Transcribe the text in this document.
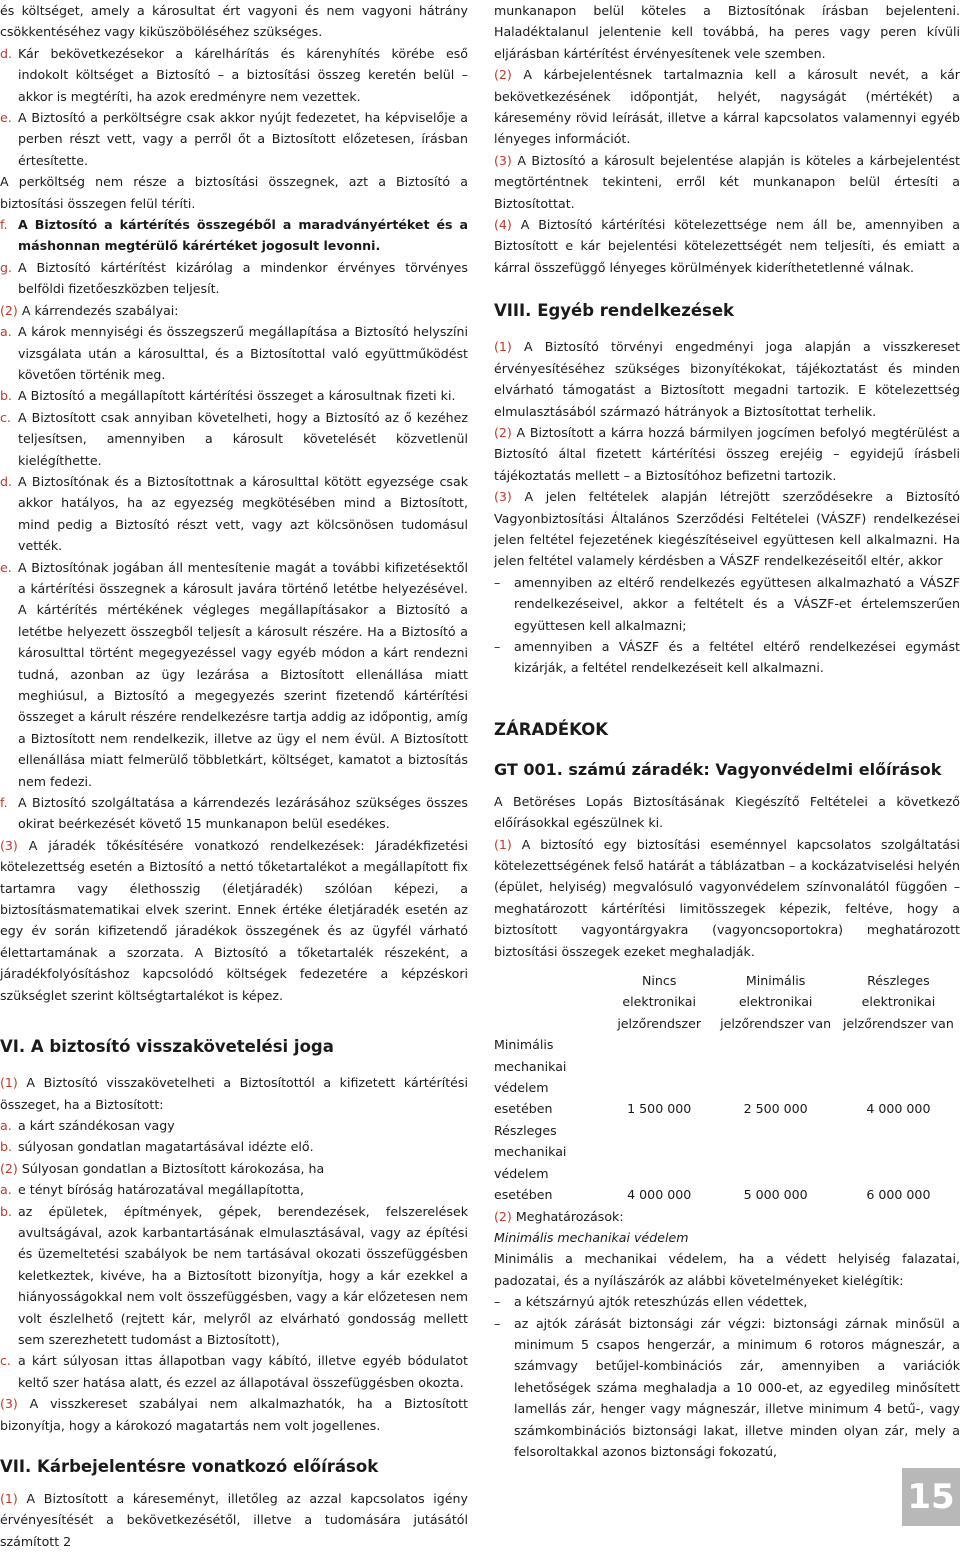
és költséget, amely a károsultat ért vagyoni és nem vagyoni hátrány csökkentéséhez vagy kiküszöböléséhez szükséges.

d. Kár bekövetkezésekor a kárelhárítás és kárenyhítés körébe eső indokolt költséget a Biztosító – a biztosítási összeg keretén belül – akkor is megtéríti, ha azok eredményre nem vezettek.
e. A Biztosító a perköltségre csak akkor nyújt fedezetet, ha képviselője a perben részt vett, vagy a perről őt a Biztosított előzetesen, írásban értesítette.

A perköltség nem része a biztosítási összegnek, azt a Biztosító a biztosítási összegen felül téríti.

f. A Biztosító a kártérítés összegéből a maradványértéket és a máshonnan megtérülő kárértéket jogosult levonni.
g. A Biztosító kártérítést kizárólag a mindenkor érvényes törvényes belföldi fizetőeszközben teljesít.

(2) A kárrendezés szabályai:

a. A károk mennyiségi és összegszerű megállapítása a Biztosító helyszíni vizsgálata után a károsulttal, és a Biztosítottal való együttműködést követően történik meg.
b. A Biztosító a megállapított kártérítési összeget a károsultnak fizeti ki.
c. A Biztosított csak annyiban követelheti, hogy a Biztosító az ő kezéhez teljesítsen, amennyiben a károsult követelését közvetlenül kielégíthette.
d. A Biztosítónak és a Biztosítottnak a károsulttal kötött egyezsége csak akkor hatályos, ha az egyezség megkötésében mind a Biztosított, mind pedig a Biztosító részt vett, vagy azt kölcsönösen tudomásul vették.
e. A Biztosítónak jogában áll mentesítenie magát a további kifizetésektől a kártérítési összegnek a károsult javára történő letétbe helyezésével. A kártérítés mértékének végleges megállapításakor a Biztosító a letétbe helyezett összegből teljesít a károsult részére. Ha a Biztosító a károsulttal történt megegyezéssel vagy egyéb módon a kárt rendezni tudná, azonban az ügy lezárása a Biztosított ellenállása miatt meghiúsul, a Biztosító a megegyezés szerint fizetendő kártérítési összeget a kárult részére rendelkezésre tartja addig az időpontig, amíg a Biztosított nem rendelkezik, illetve az ügy el nem évül. A Biztosított ellenállása miatt felmerülő többletkárt, költséget, kamatot a biztosítás nem fedezi.
f. A Biztosító szolgáltatása a kárrendezés lezárásához szükséges összes okirat beérkezését követő 15 munkanapon belül esedékes.

(3) A járadék tőkésítésére vonatkozó rendelkezések: Járadékfizetési kötelezettség esetén a Biztosító a nettó tőketartalékot a megállapított fix tartamra vagy élethosszig (életjáradék) szólóan képezi, a biztosításmatematikai elvek szerint. Ennek értéke életjáradék esetén az egy év során kifizetendő járadékok összegének és az ügyfél várható élettartamának a szorzata. A Biztosító a tőketartalék részeként, a járadékfolyósításhoz kapcsolódó költségek fedezetére a képzéskori szükséglet szerint költségtartalékot is képez.

VI. A biztosító visszakövetelési joga

(1) A Biztosító visszakövetelheti a Biztosítottól a kifizetett kártérítési összeget, ha a Biztosított:

a. a kárt szándékosan vagy
b. súlyosan gondatlan magatartásával idézte elő.

(2) Súlyosan gondatlan a Biztosított károkozása, ha

a. e tényt bíróság határozatával megállapította,
b. az épületek, építmények, gépek, berendezések, felszerelések avultságával, azok karbantartásának elmulasztásával, vagy az építési és üzemeltetési szabályok be nem tartásával okozati összefüggésben keletkeztek, kivéve, ha a Biztosított bizonyítja, hogy a kár ezekkel a hiányosságokkal nem volt összefüggésben, vagy a kár előzetesen nem volt észlelhető (rejtett kár, melyről az elvárható gondosság mellett sem szerezhetett tudomást a Biztosított),
c. a kárt súlyosan ittas állapotban vagy kábító, illetve egyéb bódulatot keltő szer hatása alatt, és ezzel az állapotával összefüggésben okozta.

(3) A visszkereset szabályai nem alkalmazhatók, ha a Biztosított bizonyítja, hogy a károkozó magatartás nem volt jogellenes.

VII. Kárbejelentésre vonatkozó előírások

(1) A Biztosított a káreseményt, illetőleg az azzal kapcsolatos igény érvényesítését a bekövetkezésétől, illetve a tudomására jutásától számított 2

munkanapon belül köteles a Biztosítónak írásban bejelenteni. Haladéktalanul jelentenie kell továbbá, ha peres vagy peren kívüli eljárásban kártérítést érvényesítenek vele szemben.

(2) A kárbejelentésnek tartalmaznia kell a károsult nevét, a kár bekövetkezésének időpontját, helyét, nagyságát (mértékét) a káresemény rövid leírását, illetve a kárral kapcsolatos valamennyi egyéb lényeges információt.

(3) A Biztosító a károsult bejelentése alapján is köteles a kárbejelentést megtörténtnek tekinteni, erről két munkanapon belül értesíti a Biztosítottat.

(4) A Biztosító kártérítési kötelezettsége nem áll be, amennyiben a Biztosított e kár bejelentési kötelezettségét nem teljesíti, és emiatt a kárral összefüggő lényeges körülmények kideríthetetlenné válnak.

VIII. Egyéb rendelkezések

(1) A Biztosító törvényi engedményi joga alapján a visszkereset érvényesítéséhez szükséges bizonyítékokat, tájékoztatást és minden elvárható támogatást a Biztosított megadni tartozik. E kötelezettség elmulasztásából származó hátrányok a Biztosítottat terhelik.

(2) A Biztosított a kárra hozzá bármilyen jogcímen befolyó megtérülést a Biztosító által fizetett kártérítési összeg erejéig – egyidejű írásbeli tájékoztatás mellett – a Biztosítóhoz befizetni tartozik.

(3) A jelen feltételek alapján létrejött szerződésekre a Biztosító Vagyonbiztosítási Általános Szerződési Feltételei (VÁSZF) rendelkezései jelen feltétel fejezetének kiegészítéseivel együttesen kell alkalmazni. Ha jelen feltétel valamely kérdésben a VÁSZF rendelkezéseitől eltér, akkor

–	amennyiben az eltérő rendelkezés együttesen alkalmazható a VÁSZF rendelkezéseivel, akkor a feltételt és a VÁSZF-et értelemszerűen együttesen kell alkalmazni;
–	amennyiben a VÁSZF és a feltétel eltérő rendelkezései egymást kizárják, a feltétel rendelkezéseit kell alkalmazni.
ZÁRADÉKOK
GT 001. számú záradék: Vagyonvédelmi előírások

A Betöréses Lopás Biztosításának Kiegészítő Feltételei a következő előírásokkal egészülnek ki.

(1) A biztosító egy biztosítási eseménnyel kapcsolatos szolgáltatási kötelezettségének felső határát a táblázatban – a kockázatviselési helyén (épület, helyiség) megvalósuló vagyonvédelem színvonalától függően – meghatározott kártérítési limitösszegek képezik, feltéve, hogy a biztosított vagyontárgyakra (vagyoncsoportokra) meghatározott biztosítási összegek ezeket meghaladják.

	Nincs elektronikai jelzőrendszer	Minimális elektronikai jelzőrendszer van	Részleges elektronikai jelzőrendszer van
Minimális mechanikai védelem esetében	1 500 000	2 500 000	4 000 000
Részleges mechanikai védelem esetében	4 000 000	5 000 000	6 000 000

(2) Meghatározások:

Minimális mechanikai védelem

Minimális a mechanikai védelem, ha a védett helyiség falazatai, padozatai, és a nyílászárók az alábbi követelményeket kielégítik:

–	a kétszárnyú ajtók reteszhúzás ellen védettek,
–	az ajtók zárását biztonsági zár végzi: biztonsági zárnak minősül a minimum 5 csapos hengerzár, a minimum 6 rotoros mágneszár, a számvagy betűjel-kombinációs zár, amennyiben a variációk lehetőségek száma meghaladja a 10 000-et, az egyedileg minősített lamellás zár, henger vagy mágneszár, illetve minimum 4 betű-, vagy számkombinációs biztonsági lakat, illetve minden olyan zár, mely a felsoroltakkal azonos biztonsági fokozatú,
15
